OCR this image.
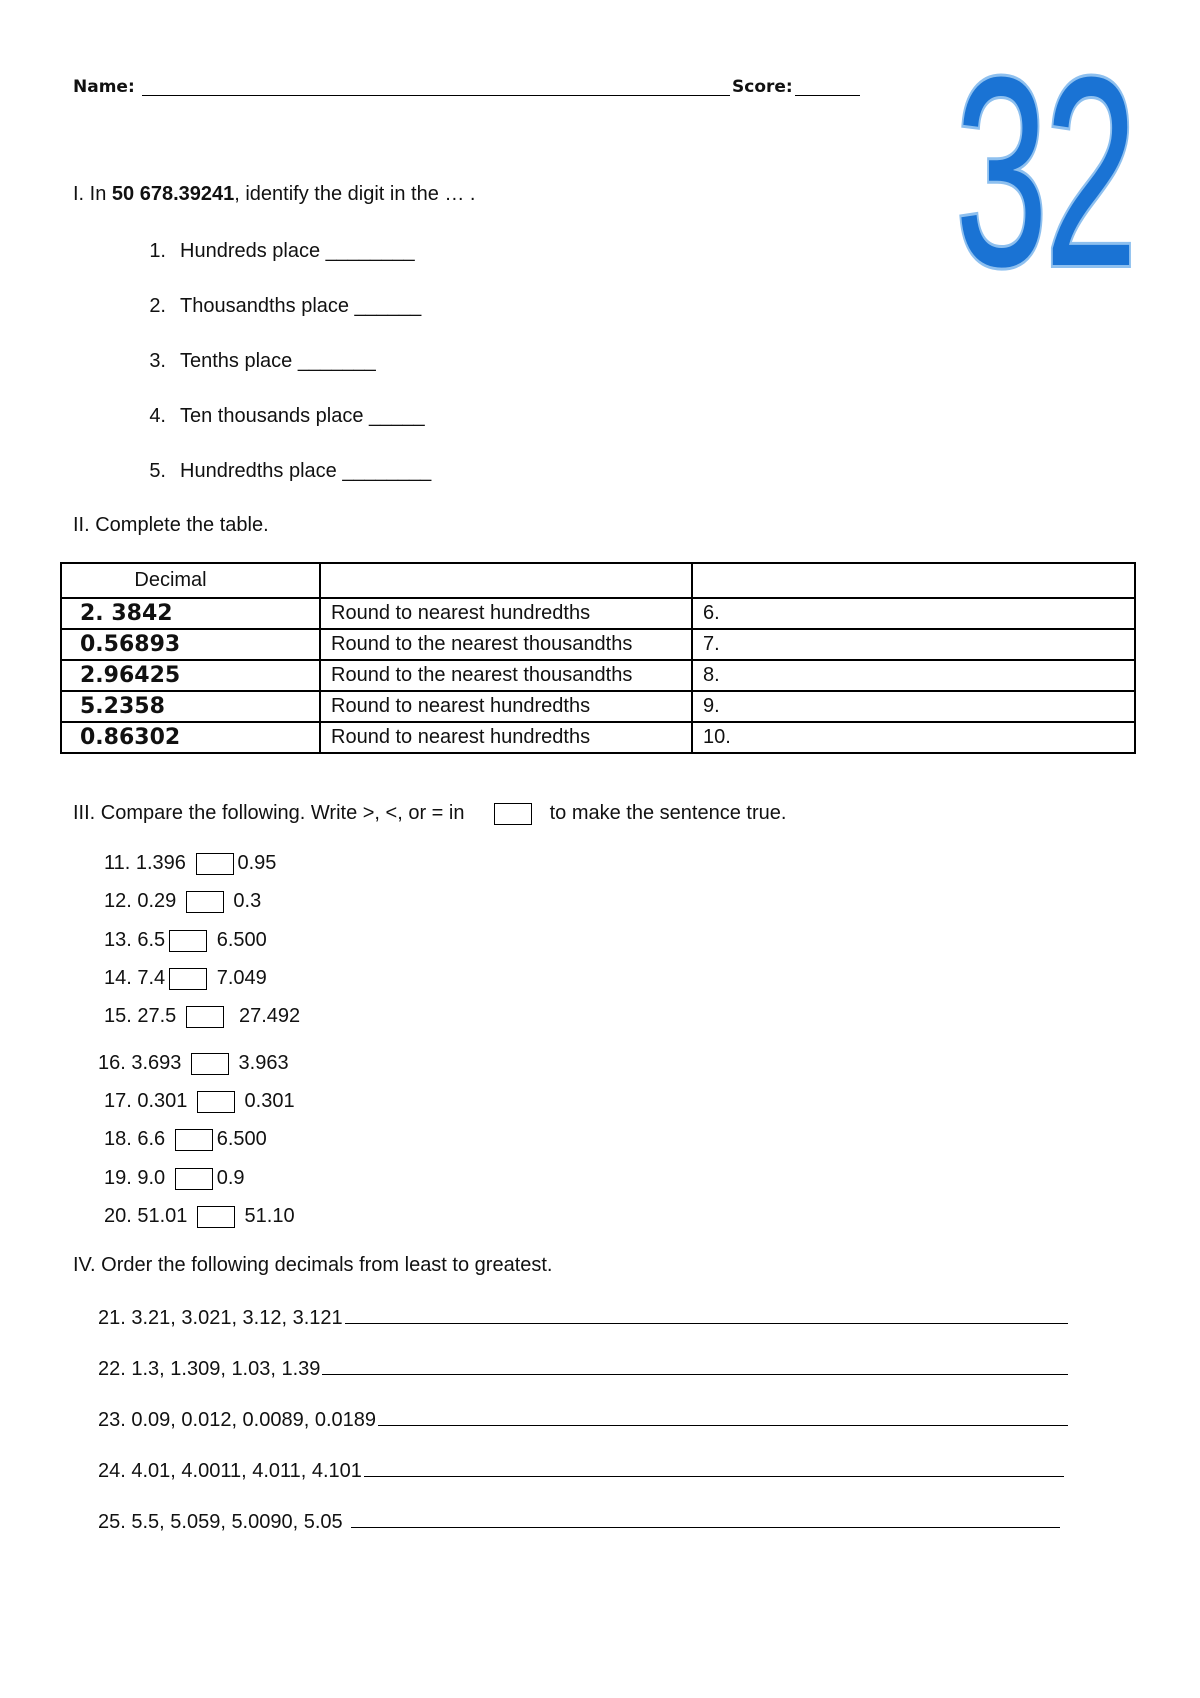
Name:	Score: 32
I. In 50 678.39241, identify the digit in the … .
1. Hundreds place ________
2. Thousandths place ______
3. Tenths place _______
4. Ten thousands place _____
5. Hundredths place ________
II. Complete the table.
Decimal		
2. 3842	Round to nearest hundredths	6.
0.56893	Round to the nearest thousandths	7.
2.96425	Round to the nearest thousandths	8.
5.2358	Round to nearest hundredths	9.
0.86302	Round to nearest hundredths	10.
III. Compare the following. Write >, <, or = in	to make the sentence true.
11. 1.396	0.95
12. 0.29	0.3
13. 6.5	6.500
14. 7.4	7.049
15. 27.5	27.492
16. 3.693	3.963
17. 0.301	0.301
18. 6.6	6.500
19. 9.0	0.9
20. 51.01	51.10
IV. Order the following decimals from least to greatest.
21. 3.21, 3.021, 3.12, 3.121
22. 1.3, 1.309, 1.03, 1.39
23. 0.09, 0.012, 0.0089, 0.0189
24. 4.01, 4.0011, 4.011, 4.101
25. 5.5, 5.059, 5.0090, 5.05
